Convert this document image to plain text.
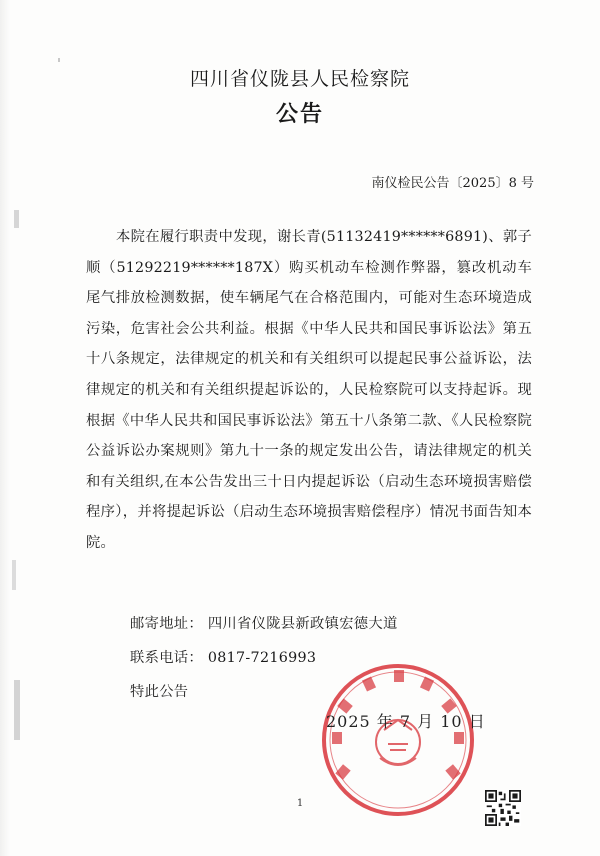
四川省仪陇县人民检察院
公告
南仪检民公告〔2025〕8 号

本院在履行职责中发现，谢长青(51132419******6891)、郭子顺（51292219******187X）购买机动车检测作弊器，篡改机动车尾气排放检测数据，使车辆尾气在合格范围内，可能对生态环境造成污染，危害社会公共利益。根据《中华人民共和国民事诉讼法》第五十八条规定，法律规定的机关和有关组织可以提起民事公益诉讼，法律规定的机关和有关组织提起诉讼的，人民检察院可以支持起诉。现根据《中华人民共和国民事诉讼法》第五十八条第二款、《人民检察院公益诉讼办案规则》第九十一条的规定发出公告，请法律规定的机关和有关组织,在本公告发出三十日内提起诉讼（启动生态环境损害赔偿程序），并将提起诉讼（启动生态环境损害赔偿程序）情况书面告知本院。

邮寄地址： 四川省仪陇县新政镇宏德大道
联系电话： 0817-7216993
特此公告
2025 年 7 月 10 日
1
